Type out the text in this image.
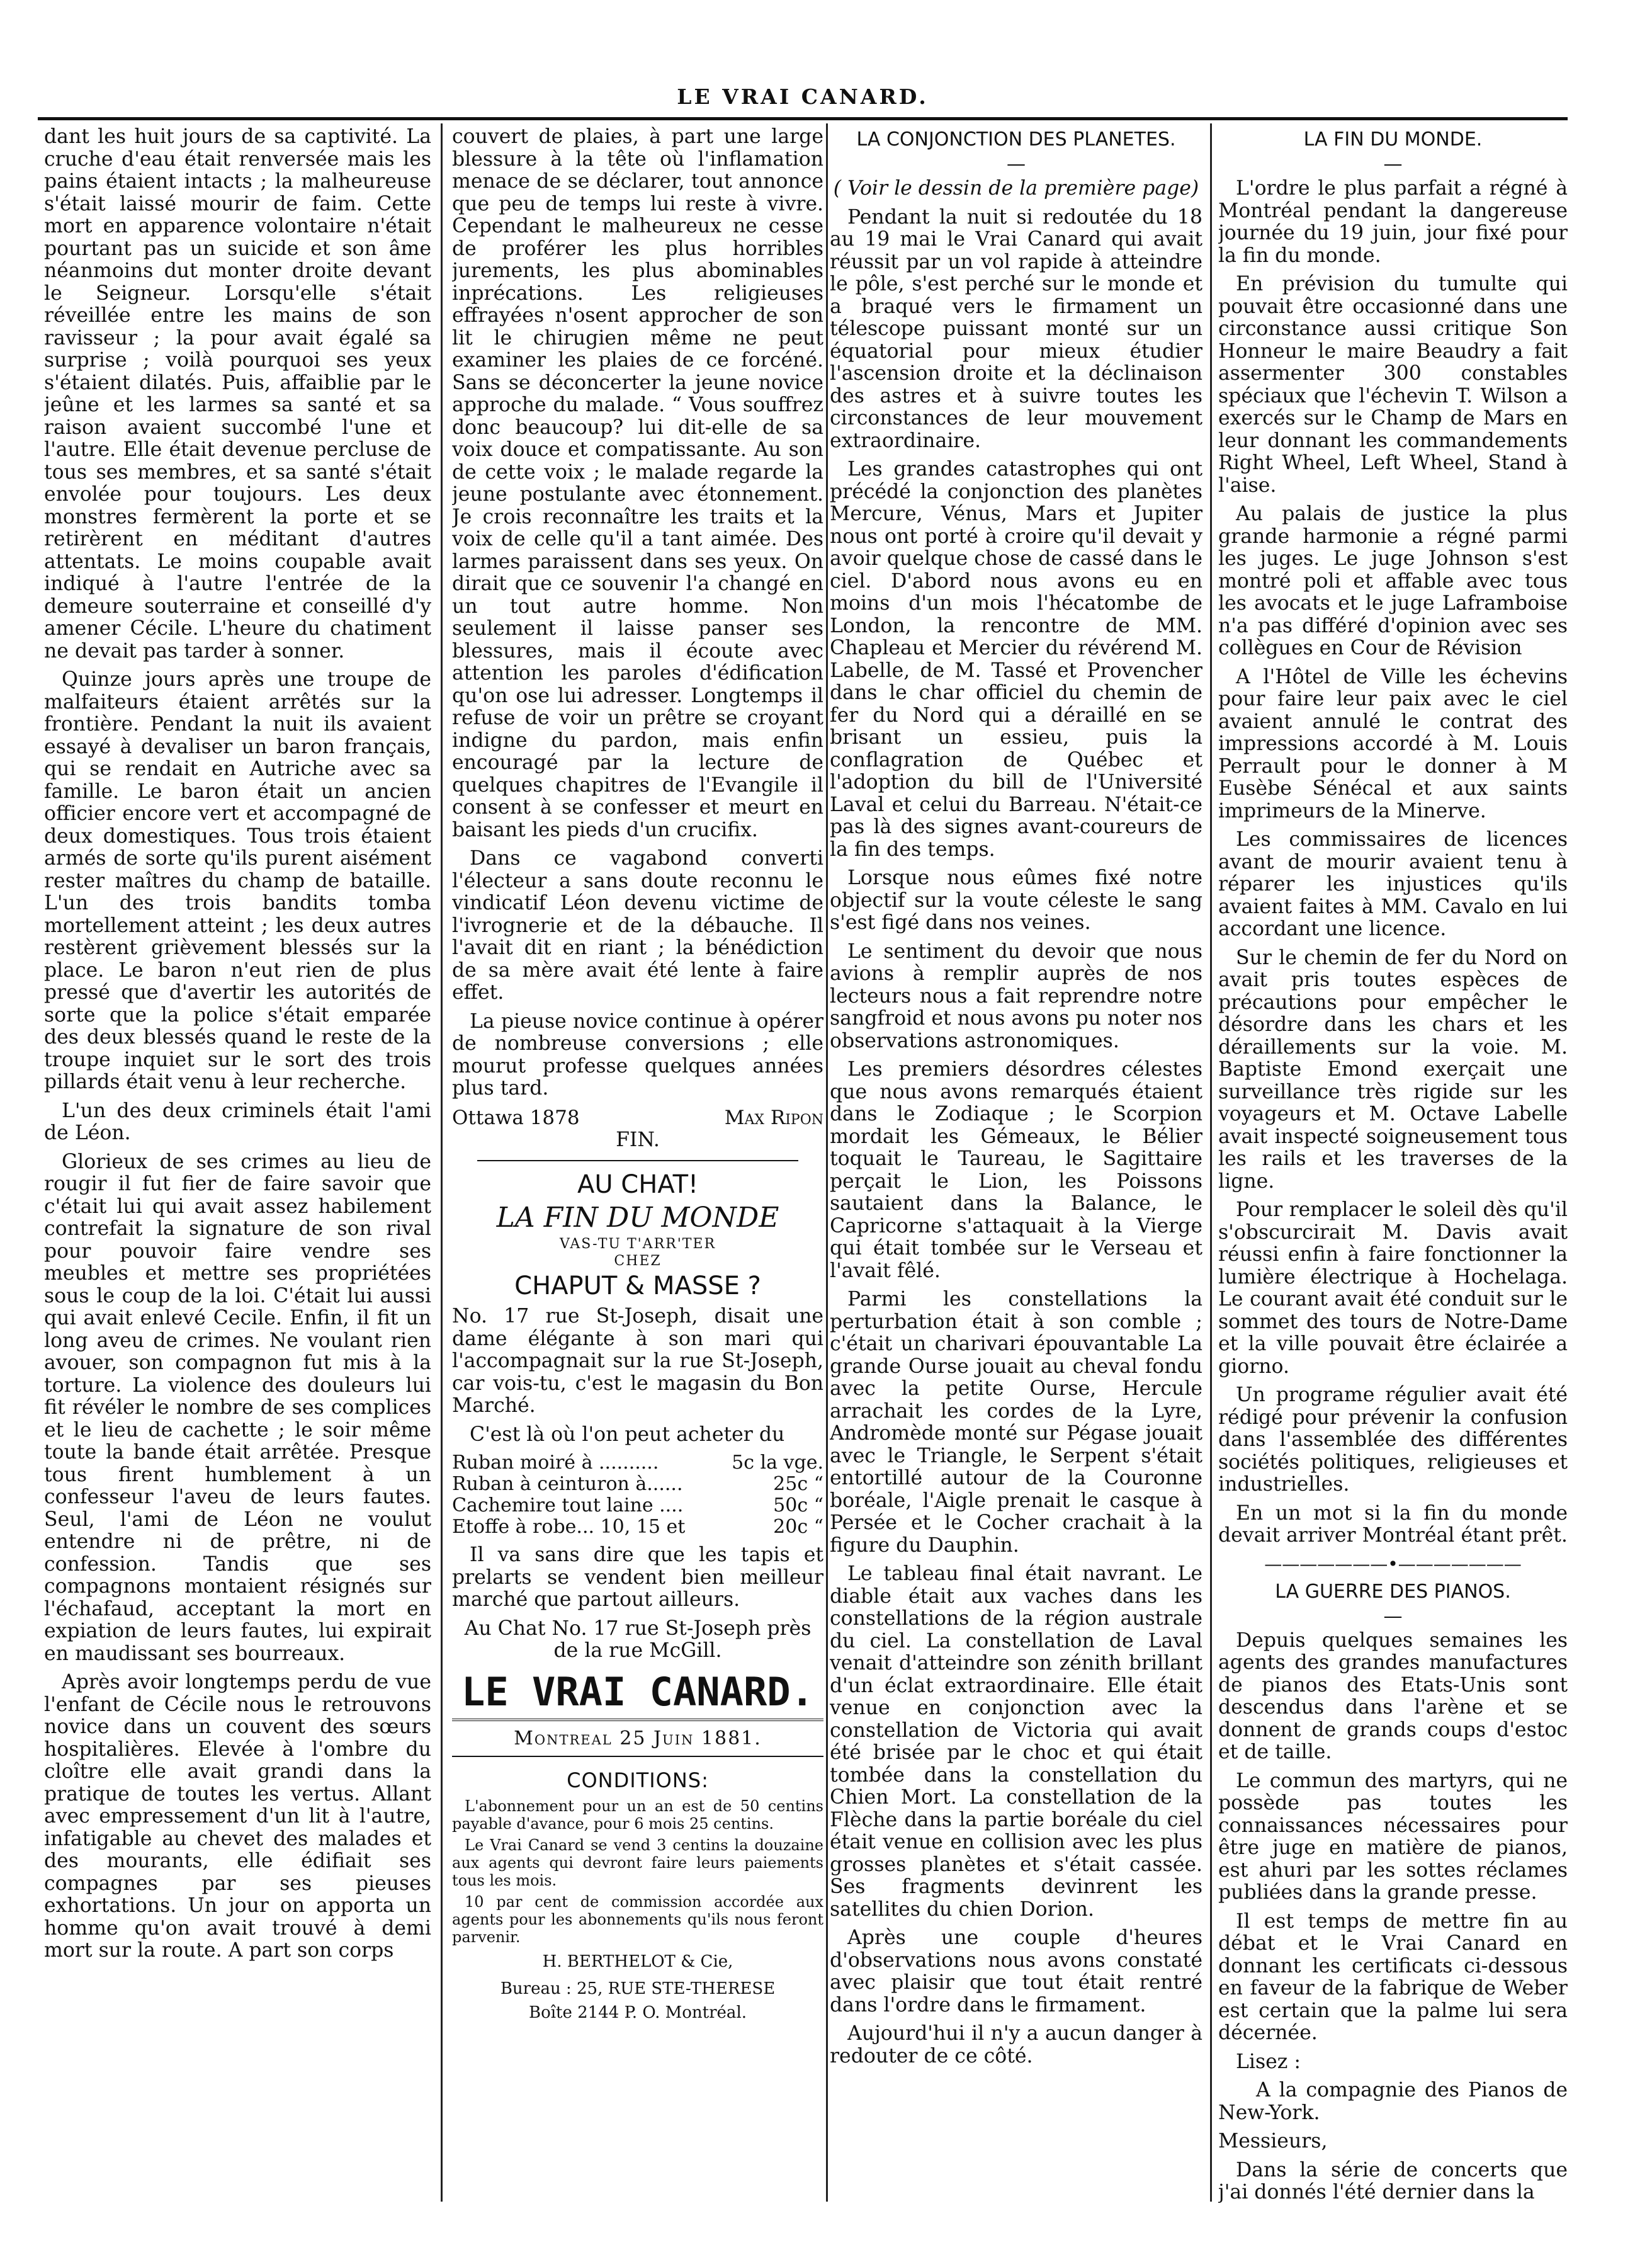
LE VRAI CANARD.

dant les huit jours de sa captivité. La cruche d'eau était renversée mais les pains étaient intacts ; la malheureuse s'était laissé mourir de faim. Cette mort en apparence volontaire n'était pourtant pas un suicide et son âme néanmoins dut monter droite devant le Seigneur. Lorsqu'elle s'était réveillée entre les mains de son ravisseur ; la pour avait égalé sa surprise ; voilà pourquoi ses yeux s'étaient dilatés. Puis, affaiblie par le jeûne et les larmes sa santé et sa raison avaient succombé l'une et l'autre. Elle était devenue percluse de tous ses membres, et sa santé s'était envolée pour toujours. Les deux monstres fermèrent la porte et se retirèrent en méditant d'autres attentats. Le moins coupable avait indiqué à l'autre l'entrée de la demeure souterraine et conseillé d'y amener Cécile. L'heure du chatiment ne devait pas tarder à sonner.

Quinze jours après une troupe de malfaiteurs étaient arrêtés sur la frontière. Pendant la nuit ils avaient essayé à devaliser un baron français, qui se rendait en Autriche avec sa famille. Le baron était un ancien officier encore vert et accompagné de deux domestiques. Tous trois étaient armés de sorte qu'ils purent aisément rester maîtres du champ de bataille. L'un des trois bandits tomba mortellement atteint ; les deux autres restèrent grièvement blessés sur la place. Le baron n'eut rien de plus pressé que d'avertir les autorités de sorte que la police s'était emparée des deux blessés quand le reste de la troupe inquiet sur le sort des trois pillards était venu à leur recherche.

L'un des deux criminels était l'ami de Léon.

Glorieux de ses crimes au lieu de rougir il fut fier de faire savoir que c'était lui qui avait assez habilement contrefait la signature de son rival pour pouvoir faire vendre ses meubles et mettre ses propriétées sous le coup de la loi. C'était lui aussi qui avait enlevé Cecile. Enfin, il fit un long aveu de crimes. Ne voulant rien avouer, son compagnon fut mis à la torture. La violence des douleurs lui fit révéler le nombre de ses complices et le lieu de cachette ; le soir même toute la bande était arrêtée. Presque tous firent humblement à un confesseur l'aveu de leurs fautes. Seul, l'ami de Léon ne voulut entendre ni de prêtre, ni de confession. Tandis que ses compagnons montaient résignés sur l'échafaud, acceptant la mort en expiation de leurs fautes, lui expirait en maudissant ses bourreaux.

Après avoir longtemps perdu de vue l'enfant de Cécile nous le retrouvons novice dans un couvent des sœurs hospitalières. Elevée à l'ombre du cloître elle avait grandi dans la pratique de toutes les vertus. Allant avec empressement d'un lit à l'autre, infatigable au chevet des malades et des mourants, elle édifiait ses compagnes par ses pieuses exhortations. Un jour on apporta un homme qu'on avait trouvé à demi mort sur la route. A part son corps

couvert de plaies, à part une large blessure à la tête où l'inflamation menace de se déclarer, tout annonce que peu de temps lui reste à vivre. Cependant le malheureux ne cesse de proférer les plus horribles jurements, les plus abominables inprécations. Les religieuses effrayées n'osent approcher de son lit le chirugien même ne peut examiner les plaies de ce forcéné. Sans se déconcerter la jeune novice approche du malade. “ Vous souffrez donc beaucoup? lui dit-elle de sa voix douce et compatissante. Au son de cette voix ; le malade regarde la jeune postulante avec étonnement. Je crois reconnaître les traits et la voix de celle qu'il a tant aimée. Des larmes paraissent dans ses yeux. On dirait que ce souvenir l'a changé en un tout autre homme. Non seulement il laisse panser ses blessures, mais il écoute avec attention les paroles d'édification qu'on ose lui adresser. Longtemps il refuse de voir un prêtre se croyant indigne du pardon, mais enfin encouragé par la lecture de quelques chapitres de l'Evangile il consent à se confesser et meurt en baisant les pieds d'un crucifix.

Dans ce vagabond converti l'électeur a sans doute reconnu le vindicatif Léon devenu victime de l'ivrognerie et de la débauche. Il l'avait dit en riant ; la bénédiction de sa mère avait été lente à faire effet.

La pieuse novice continue à opérer de nombreuse conversions ; elle mourut professe quelques années plus tard.

Ottawa 1878	Max Ripon

FIN.

AU CHAT!
LA FIN DU MONDE
VAS-TU T'ARR'TER
CHEZ
CHAPUT & MASSE ?

No. 17 rue St-Joseph, disait une dame élégante à son mari qui l'accompagnait sur la rue St-Joseph, car vois-tu, c'est le magasin du Bon Marché.

C'est là où l'on peut acheter du

Ruban moiré à ..........	5c la vge.
Ruban à ceinturon à......	25c “
Cachemire tout laine ....	50c “
Etoffe à robe... 10, 15 et	20c “

Il va sans dire que les tapis et prelarts se vendent bien meilleur marché que partout ailleurs.

Au Chat No. 17 rue St-Joseph près de la rue McGill.

LE VRAI CANARD.
Montreal 25 Juin 1881.
CONDITIONS:

L'abonnement pour un an est de 50 centins payable d'avance, pour 6 mois 25 centins.

Le Vrai Canard se vend 3 centins la douzaine aux agents qui devront faire leurs paiements tous les mois.

10 par cent de commission accordée aux agents pour les abonnements qu'ils nous feront parvenir.

H. BERTHELOT & Cie,

Bureau : 25, RUE STE-THERESE

Boîte 2144 P. O. Montréal.

LA CONJONCTION DES PLANETES.
—

( Voir le dessin de la première page)

Pendant la nuit si redoutée du 18 au 19 mai le Vrai Canard qui avait réussit par un vol rapide à atteindre le pôle, s'est perché sur le monde et a braqué vers le firmament un télescope puissant monté sur un équatorial pour mieux étudier l'ascension droite et la déclinaison des astres et à suivre toutes les circonstances de leur mouvement extraordinaire.

Les grandes catastrophes qui ont précédé la conjonction des planètes Mercure, Vénus, Mars et Jupiter nous ont porté à croire qu'il devait y avoir quelque chose de cassé dans le ciel. D'abord nous avons eu en moins d'un mois l'hécatombe de London, la rencontre de MM. Chapleau et Mercier du révérend M. Labelle, de M. Tassé et Provencher dans le char officiel du chemin de fer du Nord qui a déraillé en se brisant un essieu, puis la conflagration de Québec et l'adoption du bill de l'Université Laval et celui du Barreau. N'était-ce pas là des signes avant-coureurs de la fin des temps.

Lorsque nous eûmes fixé notre objectif sur la voute céleste le sang s'est figé dans nos veines.

Le sentiment du devoir que nous avions à remplir auprès de nos lecteurs nous a fait reprendre notre sangfroid et nous avons pu noter nos observations astronomiques.

Les premiers désordres célestes que nous avons remarqués étaient dans le Zodiaque ; le Scorpion mordait les Gémeaux, le Bélier toquait le Taureau, le Sagittaire perçait le Lion, les Poissons sautaient dans la Balance, le Capricorne s'attaquait à la Vierge qui était tombée sur le Verseau et l'avait fêlé.

Parmi les constellations la perturbation était à son comble ; c'était un charivari épouvantable La grande Ourse jouait au cheval fondu avec la petite Ourse, Hercule arrachait les cordes de la Lyre, Andromède monté sur Pégase jouait avec le Triangle, le Serpent s'était entortillé autour de la Couronne boréale, l'Aigle prenait le casque à Persée et le Cocher crachait à la figure du Dauphin.

Le tableau final était navrant. Le diable était aux vaches dans les constellations de la région australe du ciel. La constellation de Laval venait d'atteindre son zénith brillant d'un éclat extraordinaire. Elle était venue en conjonction avec la constellation de Victoria qui avait été brisée par le choc et qui était tombée dans la constellation du Chien Mort. La constellation de la Flèche dans la partie boréale du ciel était venue en collision avec les plus grosses planètes et s'était cassée. Ses fragments devinrent les satellites du chien Dorion.

Après une couple d'heures d'observations nous avons constaté avec plaisir que tout était rentré dans l'ordre dans le firmament.

Aujourd'hui il n'y a aucun danger à redouter de ce côté.

LA FIN DU MONDE.
—

L'ordre le plus parfait a régné à Montréal pendant la dangereuse journée du 19 juin, jour fixé pour la fin du monde.

En prévision du tumulte qui pouvait être occasionné dans une circonstance aussi critique Son Honneur le maire Beaudry a fait assermenter 300 constables spéciaux que l'échevin T. Wilson a exercés sur le Champ de Mars en leur donnant les commandements Right Wheel, Left Wheel, Stand à l'aise.

Au palais de justice la plus grande harmonie a régné parmi les juges. Le juge Johnson s'est montré poli et affable avec tous les avocats et le juge Laframboise n'a pas différé d'opinion avec ses collègues en Cour de Révision

A l'Hôtel de Ville les échevins pour faire leur paix avec le ciel avaient annulé le contrat des impressions accordé à M. Louis Perrault pour le donner à M Eusèbe Sénécal et aux saints imprimeurs de la Minerve.

Les commissaires de licences avant de mourir avaient tenu à réparer les injustices qu'ils avaient faites à MM. Cavalo en lui accordant une licence.

Sur le chemin de fer du Nord on avait pris toutes espèces de précautions pour empêcher le désordre dans les chars et les déraillements sur la voie. M. Baptiste Emond exerçait une surveillance très rigide sur les voyageurs et M. Octave Labelle avait inspecté soigneusement tous les rails et les traverses de la ligne.

Pour remplacer le soleil dès qu'il s'obscurcirait M. Davis avait réussi enfin à faire fonctionner la lumière électrique à Hochelaga. Le courant avait été conduit sur le sommet des tours de Notre-Dame et la ville pouvait être éclairée a giorno.

Un programe régulier avait été rédigé pour prévenir la confusion dans l'assemblée des différentes sociétés politiques, religieuses et industrielles.

En un mot si la fin du monde devait arriver Montréal étant prêt.

———————•———————
LA GUERRE DES PIANOS.
—

Depuis quelques semaines les agents des grandes manufactures de pianos des Etats-Unis sont descendus dans l'arène et se donnent de grands coups d'estoc et de taille.

Le commun des martyrs, qui ne possède pas toutes les connaissances nécessaires pour être juge en matière de pianos, est ahuri par les sottes réclames publiées dans la grande presse.

Il est temps de mettre fin au débat et le Vrai Canard en donnant les certificats ci-dessous en faveur de la fabrique de Weber est certain que la palme lui sera décernée.

Lisez :

A la compagnie des Pianos de New-York.

Messieurs,

Dans la série de concerts que j'ai donnés l'été dernier dans la
